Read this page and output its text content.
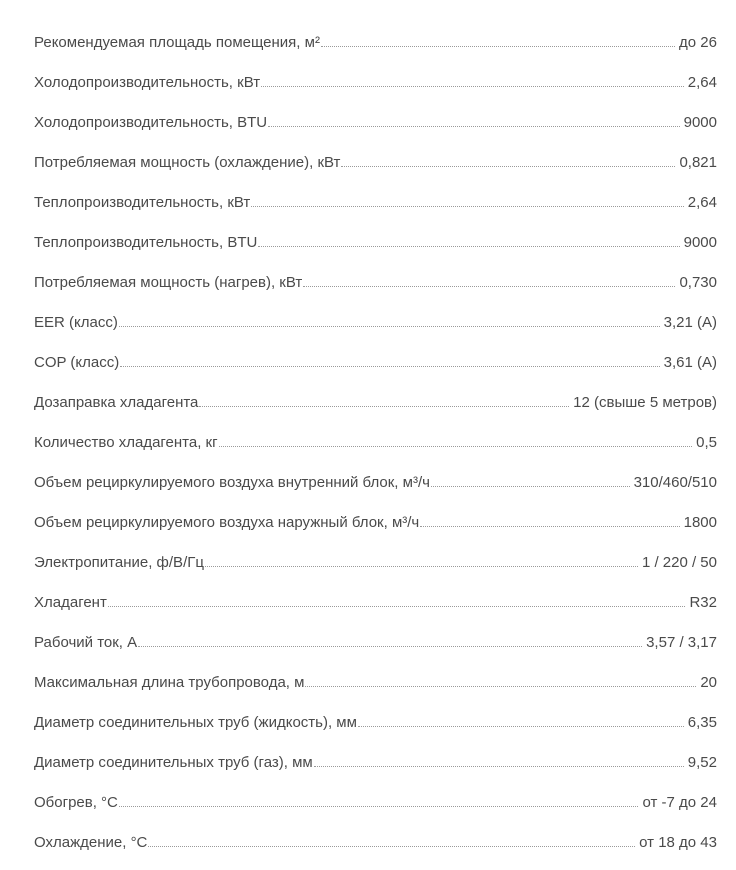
Рекомендуемая площадь помещения, м²	до 26
Холодопроизводительность, кВт	2,64
Холодопроизводительность, BTU	9000
Потребляемая мощность (охлаждение), кВт	0,821
Теплопроизводительность, кВт	2,64
Теплопроизводительность, BTU	9000
Потребляемая мощность (нагрев), кВт	0,730
EER (класс)	3,21 (A)
COP (класс)	3,61 (A)
Дозаправка хладагента	12 (свыше 5 метров)
Количество хладагента, кг	0,5
Объем рециркулируемого воздуха внутренний блок, м³/ч	310/460/510
Объем рециркулируемого воздуха наружный блок, м³/ч	1800
Электропитание, ф/В/Гц	1 / 220 / 50
Хладагент	R32
Рабочий ток, А	3,57 / 3,17
Максимальная длина трубопровода, м	20
Диаметр соединительных труб (жидкость), мм	6,35
Диаметр соединительных труб (газ), мм	9,52
Обогрев, °С	от -7 до 24
Охлаждение, °С	от 18 до 43
